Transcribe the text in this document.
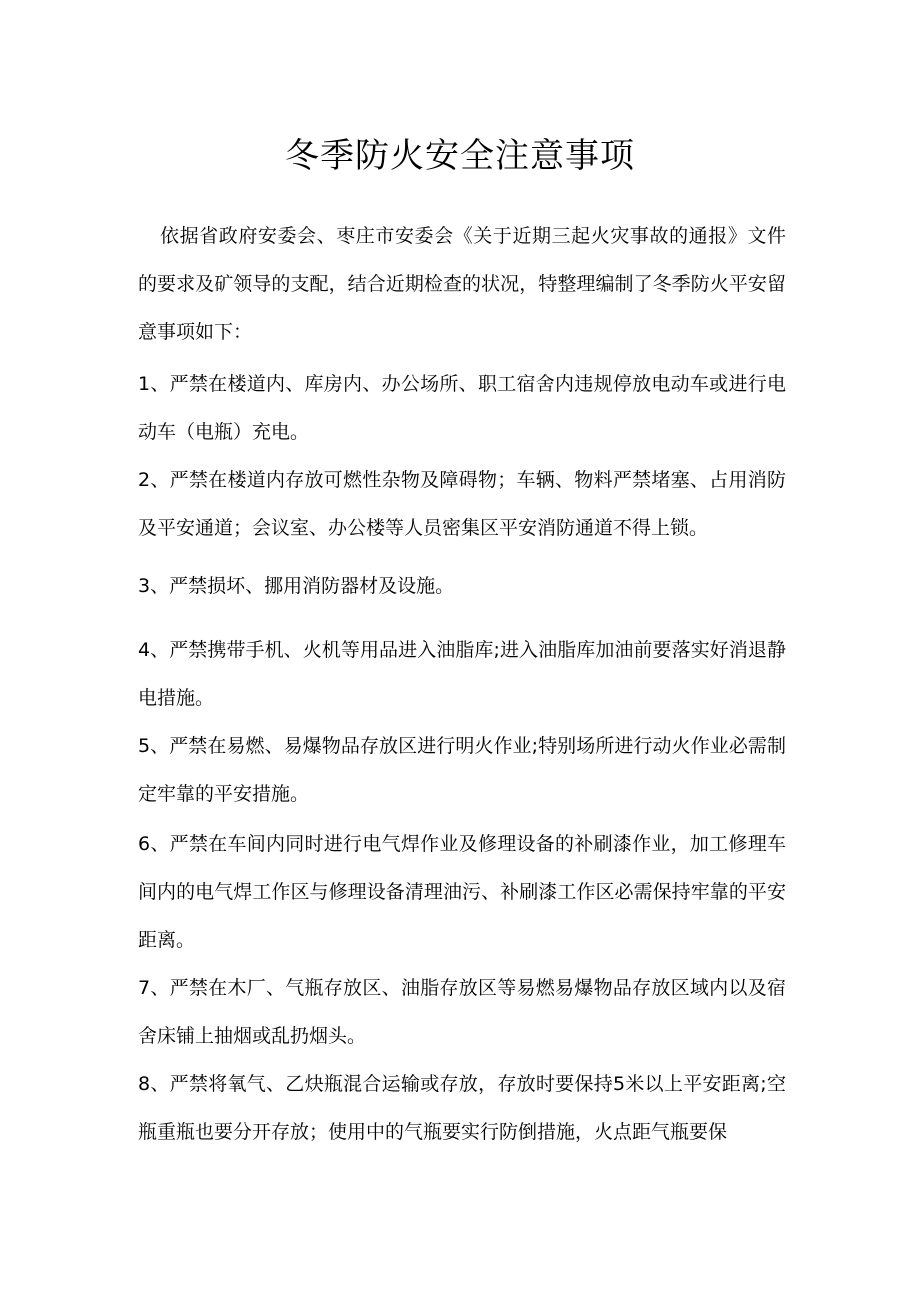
冬季防火安全注意事项

依据省政府安委会、枣庄市安委会《关于近期三起火灾事故的通报》文件的要求及矿领导的支配，结合近期检查的状况，特整理编制了冬季防火平安留意事项如下：

1、严禁在楼道内、库房内、办公场所、职工宿舍内违规停放电动车或进行电动车（电瓶）充电。

2、严禁在楼道内存放可燃性杂物及障碍物；车辆、物料严禁堵塞、占用消防及平安通道；会议室、办公楼等人员密集区平安消防通道不得上锁。

3、严禁损坏、挪用消防器材及设施。

4、严禁携带手机、火机等用品进入油脂库;进入油脂库加油前要落实好消退静电措施。

5、严禁在易燃、易爆物品存放区进行明火作业;特别场所进行动火作业必需制定牢靠的平安措施。

6、严禁在车间内同时进行电气焊作业及修理设备的补刷漆作业，加工修理车间内的电气焊工作区与修理设备清理油污、补刷漆工作区必需保持牢靠的平安距离。

7、严禁在木厂、气瓶存放区、油脂存放区等易燃易爆物品存放区域内以及宿舍床铺上抽烟或乱扔烟头。

8、严禁将氧气、乙炔瓶混合运输或存放，存放时要保持5米以上平安距离;空瓶重瓶也要分开存放；使用中的气瓶要实行防倒措施，火点距气瓶要保
